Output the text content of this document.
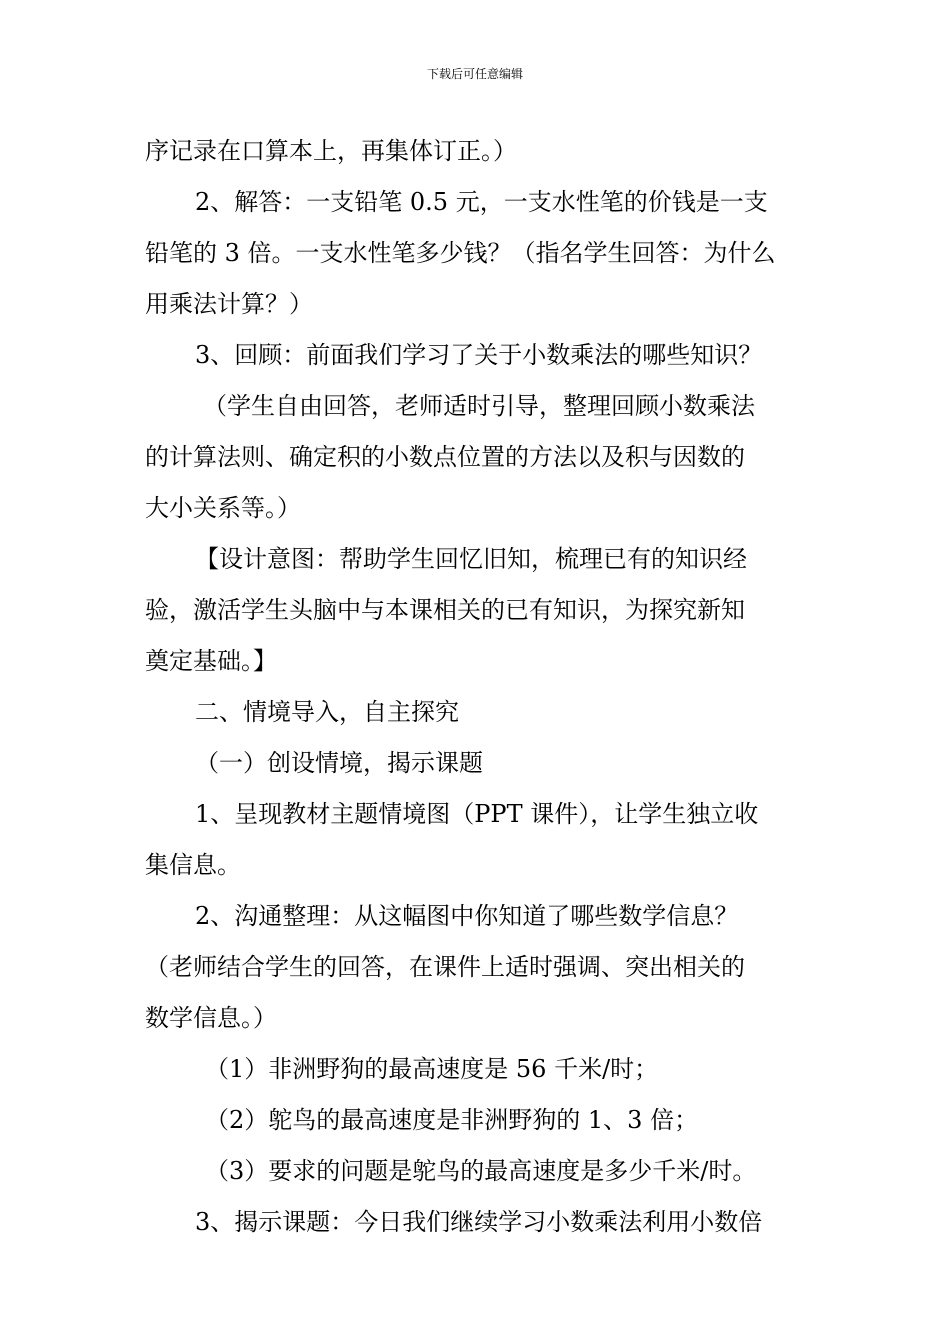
下载后可任意编辑
序记录在口算本上，再集体订正。）
2、解答：一支铅笔 0.5 元，一支水性笔的价钱是一支
铅笔的 3 倍。一支水性笔多少钱？（指名学生回答：为什么
用乘法计算？）
3、回顾：前面我们学习了关于小数乘法的哪些知识？
（学生自由回答，老师适时引导，整理回顾小数乘法
的计算法则、确定积的小数点位置的方法以及积与因数的
大小关系等。）
【设计意图：帮助学生回忆旧知，梳理已有的知识经
验，激活学生头脑中与本课相关的已有知识，为探究新知
奠定基础。】
二、情境导入，自主探究
（一）创设情境，揭示课题
1、呈现教材主题情境图（PPT 课件），让学生独立收
集信息。
2、沟通整理：从这幅图中你知道了哪些数学信息？
（老师结合学生的回答，在课件上适时强调、突出相关的
数学信息。）
（1）非洲野狗的最高速度是 56 千米/时；
（2）鸵鸟的最高速度是非洲野狗的 1、3 倍；
（3）要求的问题是鸵鸟的最高速度是多少千米/时。
3、揭示课题：今日我们继续学习小数乘法利用小数倍
